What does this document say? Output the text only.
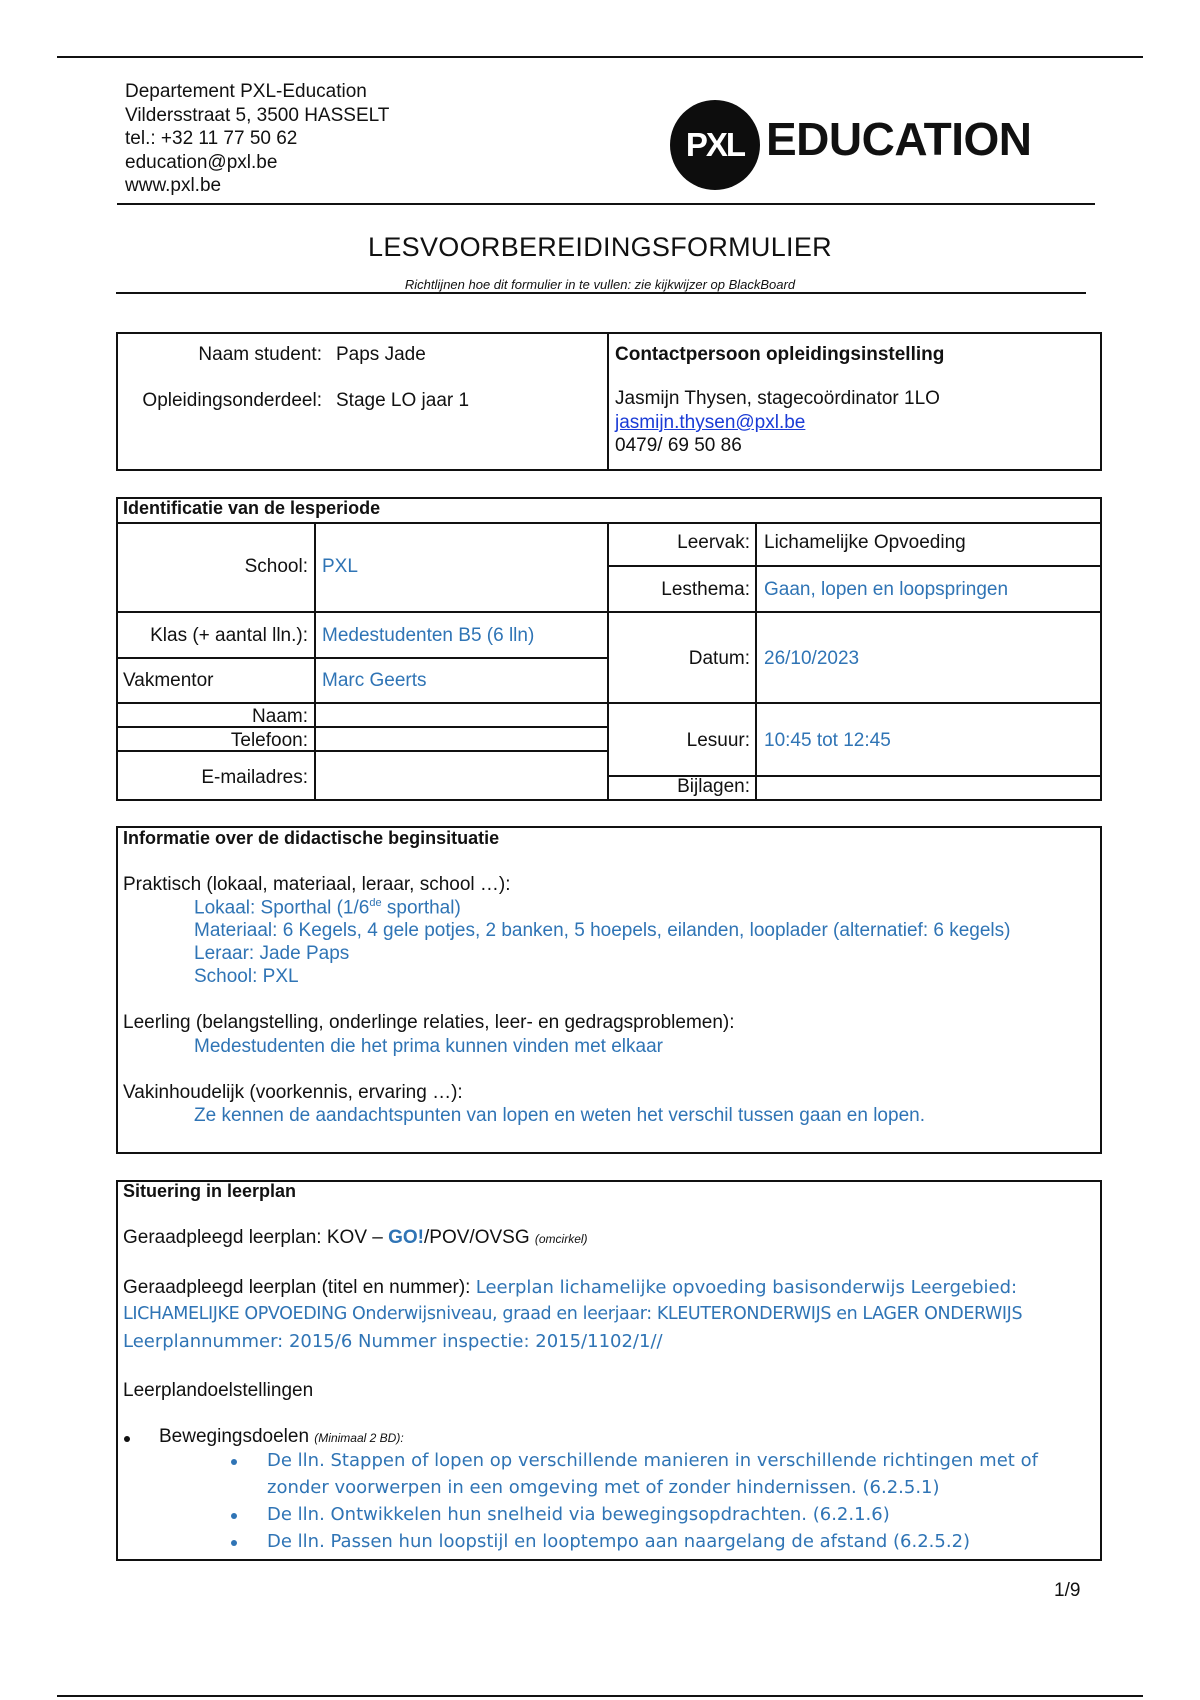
Departement PXL-Education
Vildersstraat 5, 3500 HASSELT
tel.: +32 11 77 50 62
education@pxl.be
www.pxl.be
PXL EDUCATION
LESVOORBEREIDINGSFORMULIER
Richtlijnen hoe dit formulier in te vullen: zie kijkwijzer op BlackBoard
Naam student: Paps Jade
Opleidingsonderdeel: Stage LO jaar 1
Contactpersoon opleidingsinstelling
Jasmijn Thysen, stagecoördinator 1LO
jasmijn.thysen@pxl.be
0479/ 69 50 86
Identificatie van de lesperiode
School: PXL
Leervak: Lichamelijke Opvoeding
Lesthema: Gaan, lopen en loopspringen
Klas (+ aantal lln.): Medestudenten B5 (6 lln)
Vakmentor	Marc Geerts
Datum: 26/10/2023
Naam:
Telefoon:
E-mailadres:
Lesuur: 10:45 tot 12:45
Bijlagen:
Informatie over de didactische beginsituatie
Praktisch (lokaal, materiaal, leraar, school …):
Lokaal: Sporthal (1/6de sporthal)
Materiaal: 6 Kegels, 4 gele potjes, 2 banken, 5 hoepels, eilanden, looplader (alternatief: 6 kegels)
Leraar: Jade Paps
School: PXL
Leerling (belangstelling, onderlinge relaties, leer- en gedragsproblemen):
Medestudenten die het prima kunnen vinden met elkaar
Vakinhoudelijk (voorkennis, ervaring …):
Ze kennen de aandachtspunten van lopen en weten het verschil tussen gaan en lopen.
Situering in leerplan
Geraadpleegd leerplan: KOV – GO!/POV/OVSG (omcirkel)
Geraadpleegd leerplan (titel en nummer): Leerplan lichamelijke opvoeding basisonderwijs Leergebied:
LICHAMELIJKE OPVOEDING Onderwijsniveau, graad en leerjaar: KLEUTERONDERWIJS en LAGER ONDERWIJS
Leerplannummer: 2015/6 Nummer inspectie: 2015/1102/1//
Leerplandoelstellingen
Bewegingsdoelen (Minimaal 2 BD):
De lln. Stappen of lopen op verschillende manieren in verschillende richtingen met of
zonder voorwerpen in een omgeving met of zonder hindernissen. (6.2.5.1)
De lln. Ontwikkelen hun snelheid via bewegingsopdrachten. (6.2.1.6)
De lln. Passen hun loopstijl en looptempo aan naargelang de afstand (6.2.5.2)
1/9
